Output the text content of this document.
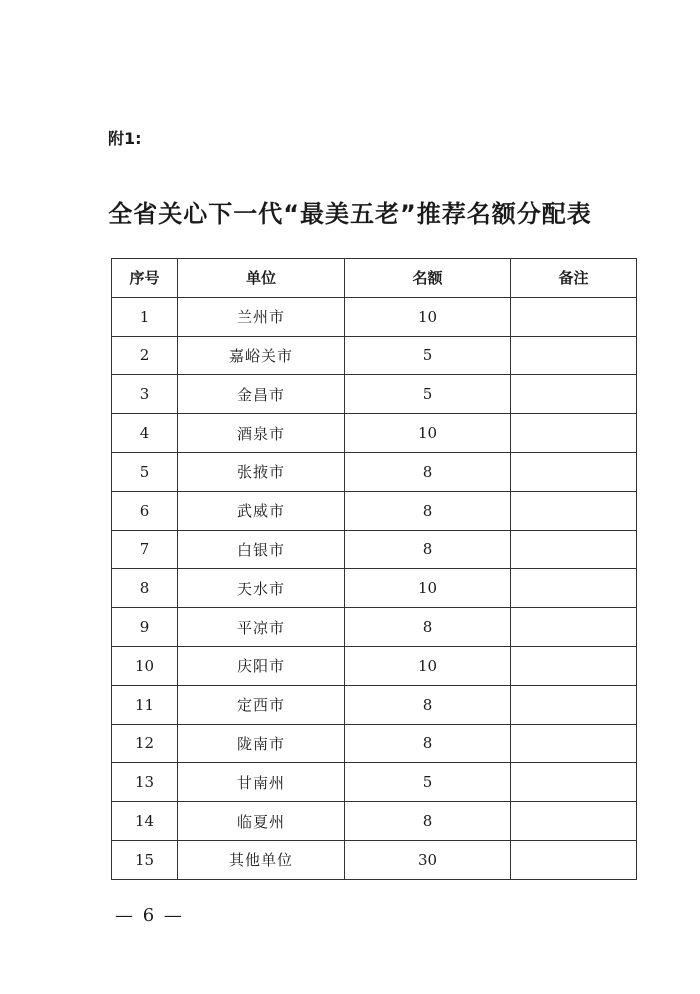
附1:
全省关心下一代“最美五老”推荐名额分配表
序号	单位	名额	备注
1	兰州市	10	
2	嘉峪关市	5	
3	金昌市	5	
4	酒泉市	10	
5	张掖市	8	
6	武威市	8	
7	白银市	8	
8	天水市	10	
9	平凉市	8	
10	庆阳市	10	
11	定西市	8	
12	陇南市	8	
13	甘南州	5	
14	临夏州	8	
15	其他单位	30	
— 6 —
